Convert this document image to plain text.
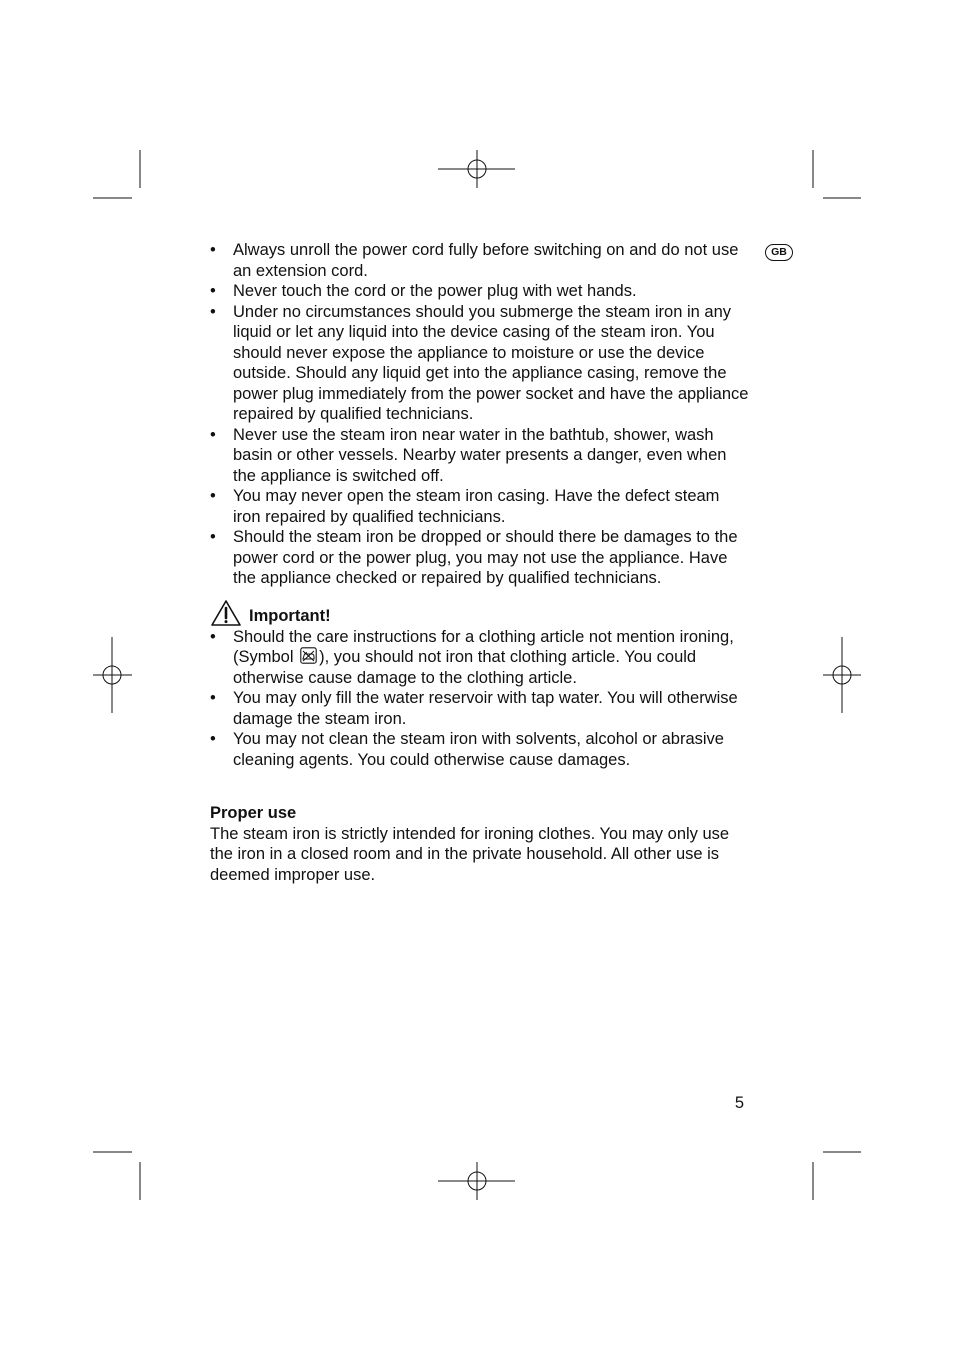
GB
• Always unroll the power cord fully before switching on and do not use an extension cord.
• Never touch the cord or the power plug with wet hands.
• Under no circumstances should you submerge the steam iron in any liquid or let any liquid into the device casing of the steam iron. You should never expose the appliance to moisture or use the device outside. Should any liquid get into the appliance casing, remove the power plug immediately from the power socket and have the appliance repaired by qualified technicians.
• Never use the steam iron near water in the bathtub, shower, wash basin or other vessels. Nearby water presents a danger, even when the appliance is switched off.
• You may never open the steam iron casing. Have the defect steam iron repaired by qualified technicians.
• Should the steam iron be dropped or should there be damages to the power cord or the power plug, you may not use the appliance. Have the appliance checked or repaired by qualified technicians.
Important!
• Should the care instructions for a clothing article not mention ironing, (Symbol ), you should not iron that clothing article. You could otherwise cause damage to the clothing article.
• You may only fill the water reservoir with tap water. You will otherwise damage the steam iron.
• You may not clean the steam iron with solvents, alcohol or abrasive cleaning agents. You could otherwise cause damages.
Proper use
The steam iron is strictly intended for ironing clothes. You may only use the iron in a closed room and in the private household. All other use is deemed improper use.
5
